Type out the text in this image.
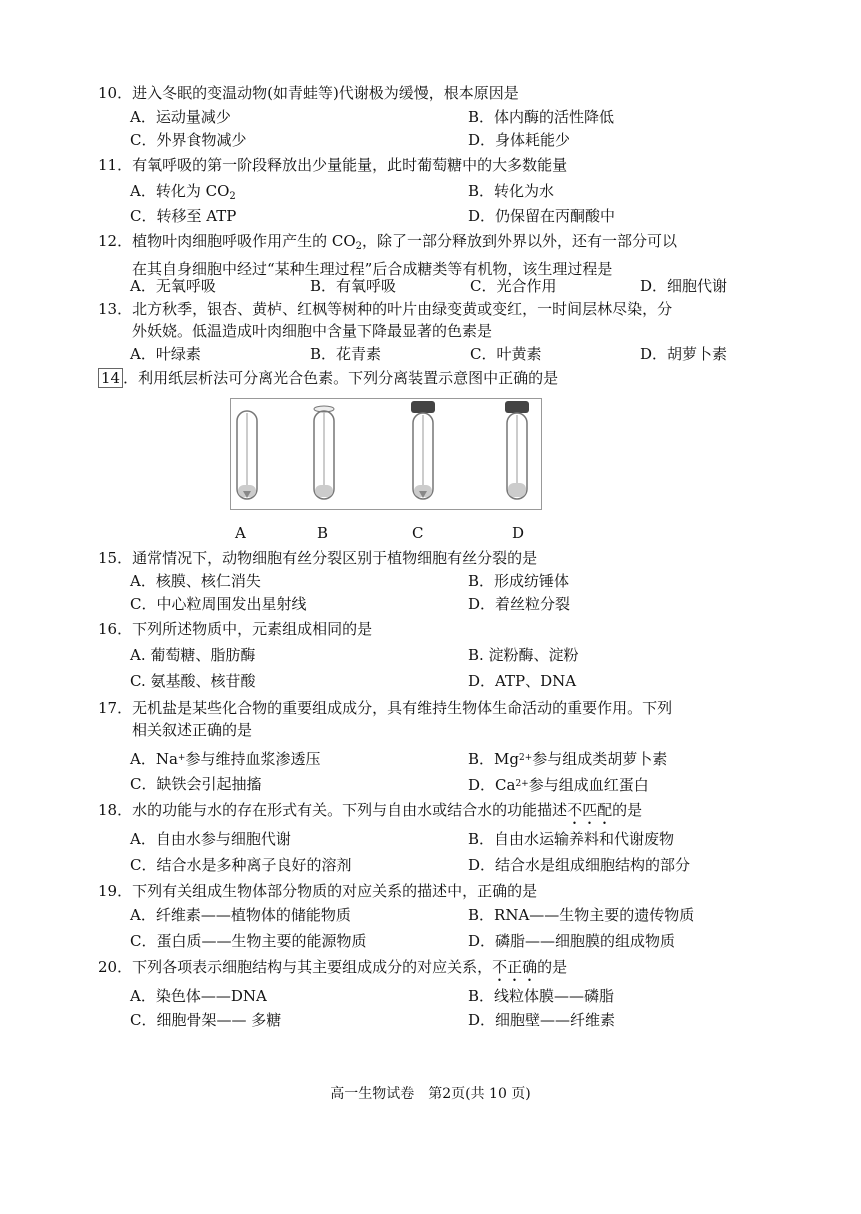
10．进入冬眠的变温动物(如青蛙等)代谢极为缓慢，根本原因是
A．运动量减少	B．体内酶的活性降低
C．外界食物减少	D．身体耗能少
11．有氧呼吸的第一阶段释放出少量能量，此时葡萄糖中的大多数能量
A．转化为 $CO_2$	B．转化为水
C．转移至 ATP	D．仍保留在丙酮酸中
12．植物叶肉细胞呼吸作用产生的 $CO_2$，除了一部分释放到外界以外，还有一部分可以
在其自身细胞中经过“某种生理过程”后合成糖类等有机物，该生理过程是
A．无氧呼吸	B．有氧呼吸	C．光合作用	D．细胞代谢
13．北方秋季，银杏、黄栌、红枫等树种的叶片由绿变黄或变红，一时间层林尽染，分
外妖娆。低温造成叶肉细胞中含量下降最显著的色素是
A．叶绿素	B．花青素	C．叶黄素	D．胡萝卜素
14 ．利用纸层析法可分离光合色素。下列分离装置示意图中正确的是
A	B	C	D
15．通常情况下，动物细胞有丝分裂区别于植物细胞有丝分裂的是
A．核膜、核仁消失	B．形成纺锤体
C．中心粒周围发出星射线	D．着丝粒分裂
16．下列所述物质中，元素组成相同的是
A. 葡萄糖、脂肪酶	B. 淀粉酶、淀粉
C. 氨基酸、核苷酸	D．ATP、DNA
17．无机盐是某些化合物的重要组成成分，具有维持生物体生命活动的重要作用。下列
相关叙述正确的是
A．Na+参与维持血浆渗透压	B．$Mg^{2+}$参与组成类胡萝卜素
C．缺铁会引起抽搐	D．$Ca^{2+}$参与组成血红蛋白
18．水的功能与水的存在形式有关。下列与自由水或结合水的功能描述不匹配的是
A．自由水参与细胞代谢	B．自由水运输养料和代谢废物
C．结合水是多种离子良好的溶剂	D．结合水是组成细胞结构的部分
19．下列有关组成生物体部分物质的对应关系的描述中，正确的是
A．纤维素——植物体的储能物质	B．RNA——生物主要的遗传物质
C．蛋白质——生物主要的能源物质	D．磷脂——细胞膜的组成物质
20．下列各项表示细胞结构与其主要组成成分的对应关系，不正确的是
A．染色体——DNA	B．线粒体膜——磷脂
C．细胞骨架—— 多糖	D．细胞壁——纤维素
高一生物试卷　第2页(共 10 页)
